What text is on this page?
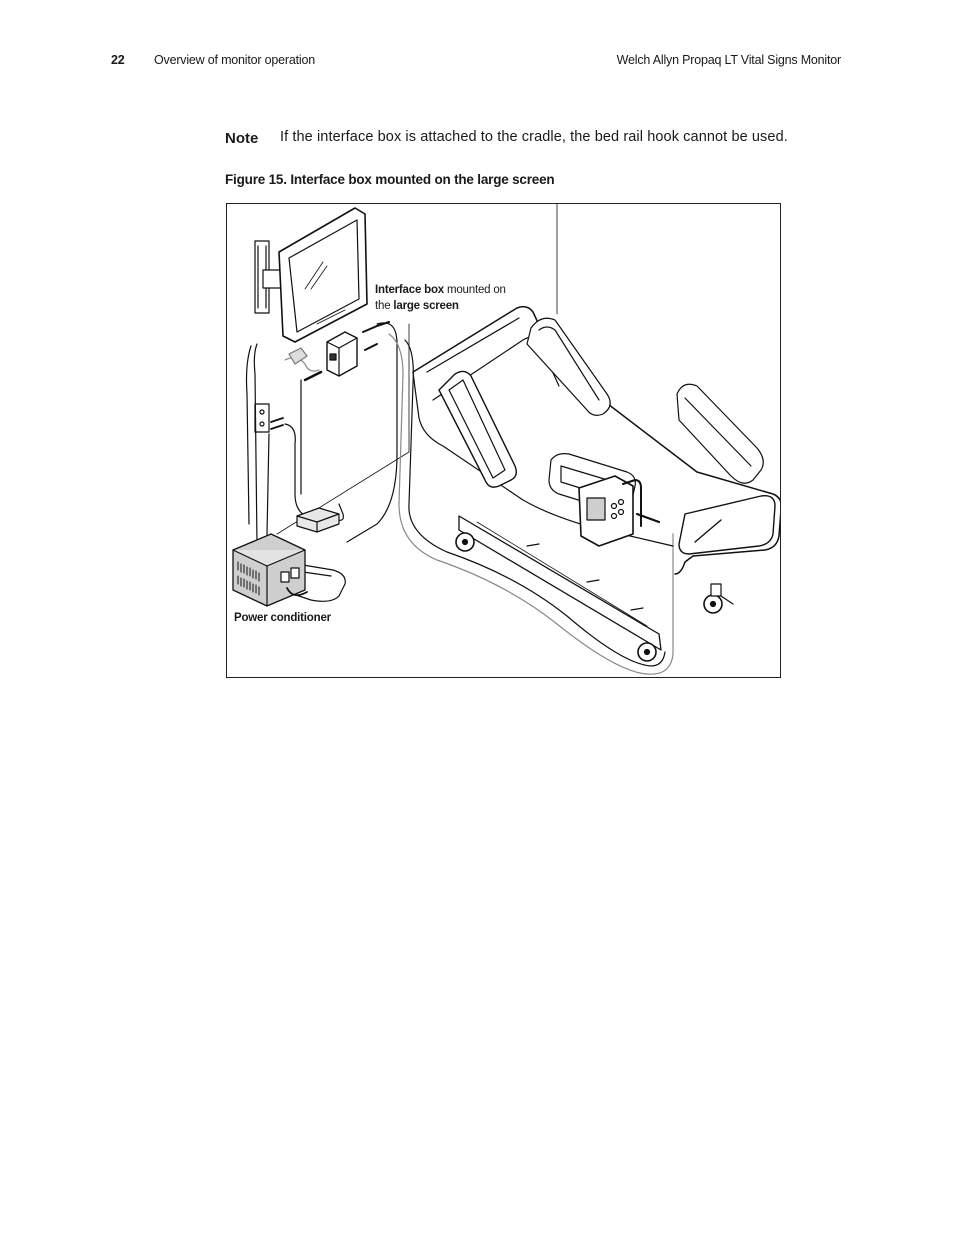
22 Overview of monitor operation	Welch Allyn Propaq LT Vital Signs Monitor
Note If the interface box is attached to the cradle, the bed rail hook cannot be used.
Figure 15. Interface box mounted on the large screen
Interface box mounted on
the large screen
Power conditioner
